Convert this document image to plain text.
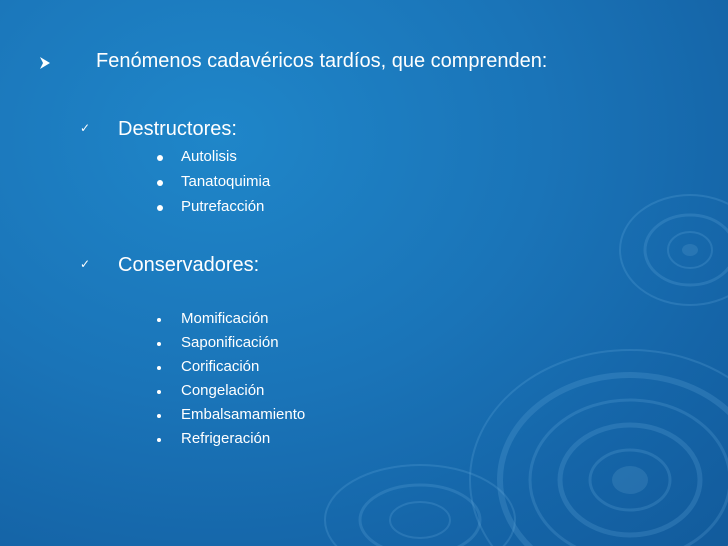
Fenómenos cadavéricos tardíos, que comprenden:
✓ Destructores:
Autolisis
Tanatoquimia
Putrefacción
✓ Conservadores:
Momificación
Saponificación
Corificación
Congelación
Embalsamamiento
Refrigeración
